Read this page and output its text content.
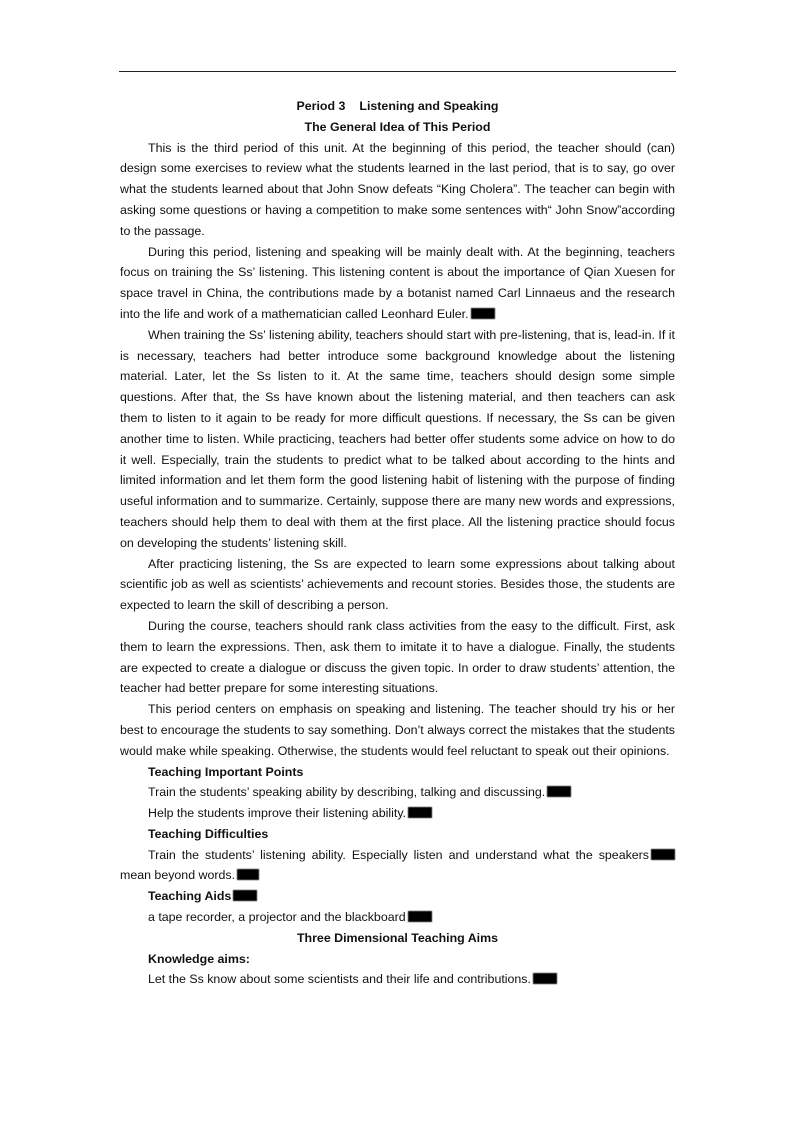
Period 3 Listening and Speaking

The General Idea of This Period

This is the third period of this unit. At the beginning of this period, the teacher should (can) design some exercises to review what the students learned in the last period, that is to say, go over what the students learned about that John Snow defeats “King Cholera”. The teacher can begin with asking some questions or having a competition to make some sentences with“ John Snow”according to the passage.

During this period, listening and speaking will be mainly dealt with. At the beginning, teachers focus on training the Ss’ listening. This listening content is about the importance of Qian Xuesen for space travel in China, the contributions made by a botanist named Carl Linnaeus and the research into the life and work of a mathematician called Leonhard Euler.

When training the Ss’ listening ability, teachers should start with pre-listening, that is, lead-in. If it is necessary, teachers had better introduce some background knowledge about the listening material. Later, let the Ss listen to it. At the same time, teachers should design some simple questions. After that, the Ss have known about the listening material, and then teachers can ask them to listen to it again to be ready for more difficult questions. If necessary, the Ss can be given another time to listen. While practicing, teachers had better offer students some advice on how to do it well. Especially, train the students to predict what to be talked about according to the hints and limited information and let them form the good listening habit of listening with the purpose of finding useful information and to summarize. Certainly, suppose there are many new words and expressions, teachers should help them to deal with them at the first place. All the listening practice should focus on developing the students’ listening skill.

After practicing listening, the Ss are expected to learn some expressions about talking about scientific job as well as scientists’ achievements and recount stories. Besides those, the students are expected to learn the skill of describing a person.

During the course, teachers should rank class activities from the easy to the difficult. First, ask them to learn the expressions. Then, ask them to imitate it to have a dialogue. Finally, the students are expected to create a dialogue or discuss the given topic. In order to draw students’ attention, the teacher had better prepare for some interesting situations.

This period centers on emphasis on speaking and listening. The teacher should try his or her best to encourage the students to say something. Don’t always correct the mistakes that the students would make while speaking. Otherwise, the students would feel reluctant to speak out their opinions.

Teaching Important Points

Train the students’ speaking ability by describing, talking and discussing.

Help the students improve their listening ability.

Teaching Difficulties

Train the students’ listening ability. Especially listen and understand what the speakers mean beyond words.

Teaching Aids

a tape recorder, a projector and the blackboard

Three Dimensional Teaching Aims

Knowledge aims:

Let the Ss know about some scientists and their life and contributions.
